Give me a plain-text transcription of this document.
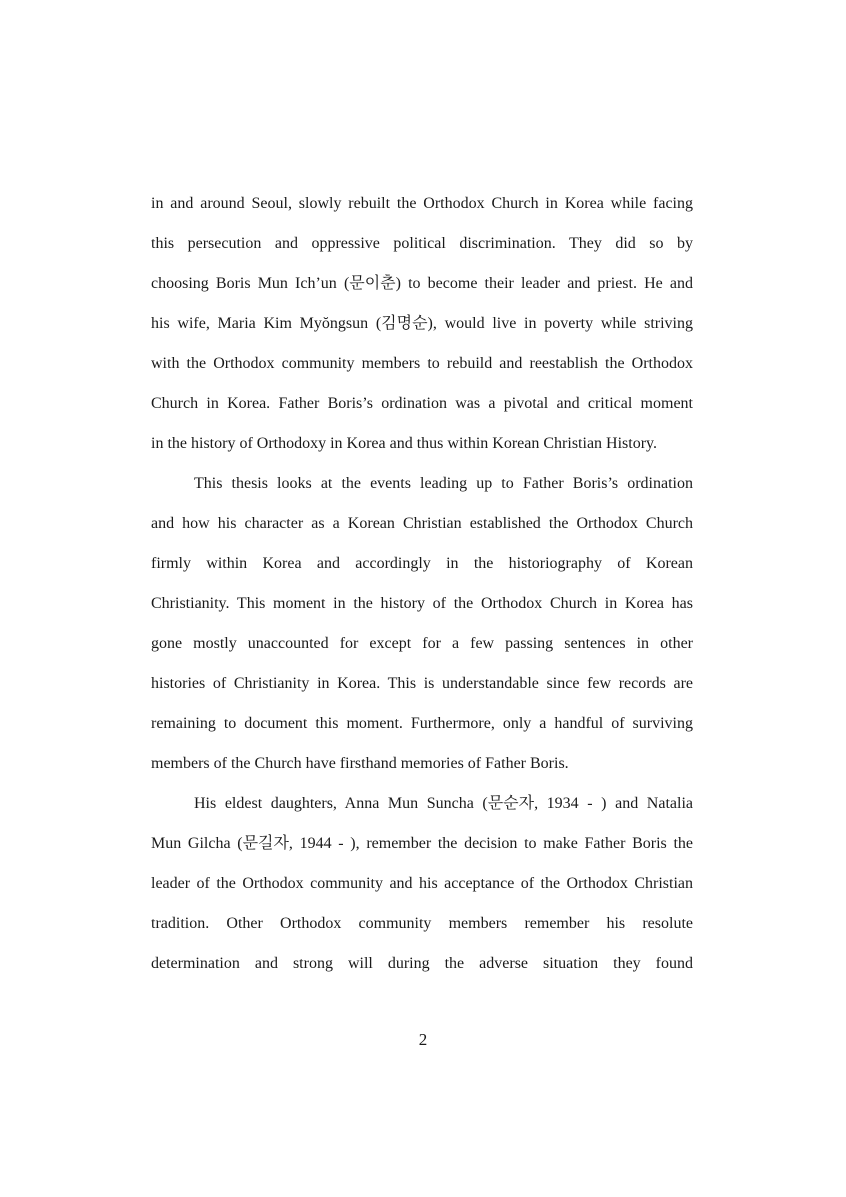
in and around Seoul, slowly rebuilt the Orthodox Church in Korea while facing
this persecution and oppressive political discrimination. They did so by
choosing Boris Mun Ich’un (문이춘) to become their leader and priest. He and
his wife, Maria Kim Myŏngsun (김명순), would live in poverty while striving
with the Orthodox community members to rebuild and reestablish the Orthodox
Church in Korea. Father Boris’s ordination was a pivotal and critical moment
in the history of Orthodoxy in Korea and thus within Korean Christian History.
This thesis looks at the events leading up to Father Boris’s ordination
and how his character as a Korean Christian established the Orthodox Church
firmly within Korea and accordingly in the historiography of Korean
Christianity. This moment in the history of the Orthodox Church in Korea has
gone mostly unaccounted for except for a few passing sentences in other
histories of Christianity in Korea. This is understandable since few records are
remaining to document this moment. Furthermore, only a handful of surviving
members of the Church have firsthand memories of Father Boris.
His eldest daughters, Anna Mun Suncha (문순자, 1934 - ) and Natalia
Mun Gilcha (문길자, 1944 - ), remember the decision to make Father Boris the
leader of the Orthodox community and his acceptance of the Orthodox Christian
tradition. Other Orthodox community members remember his resolute
determination and strong will during the adverse situation they found
2
